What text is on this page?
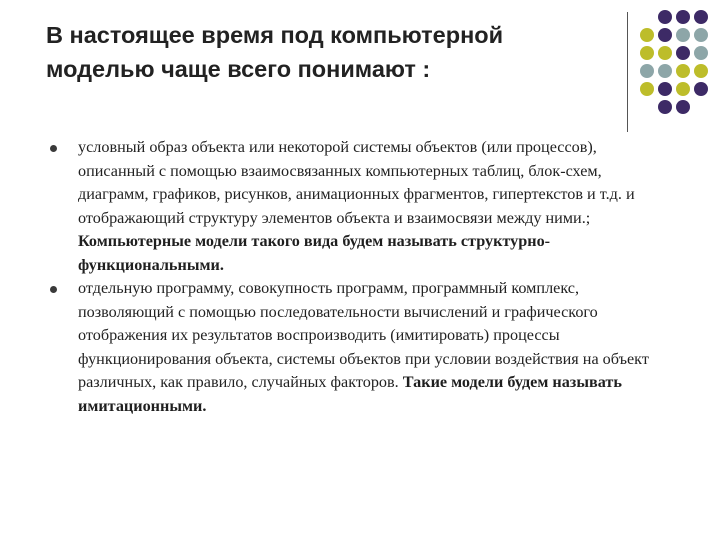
В настоящее время под компьютерной
моделью чаще всего понимают :
условный образ объекта или некоторой системы объектов (или процессов), описанный с помощью взаимосвязанных компьютерных таблиц, блок-схем, диаграмм, графиков, рисунков, анимационных фрагментов, гипертекстов и т.д. и отображающий структуру элементов объекта и взаимосвязи между ними.; Компьютерные модели такого вида будем называть структурно-функциональными.
отдельную программу, совокупность программ, программный комплекс, позволяющий с помощью последовательности вычислений и графического отображения их результатов воспроизводить (имитировать) процессы функционирования объекта, системы объектов при условии воздействия на объект различных, как правило, случайных факторов. Такие модели будем называть имитационными.
